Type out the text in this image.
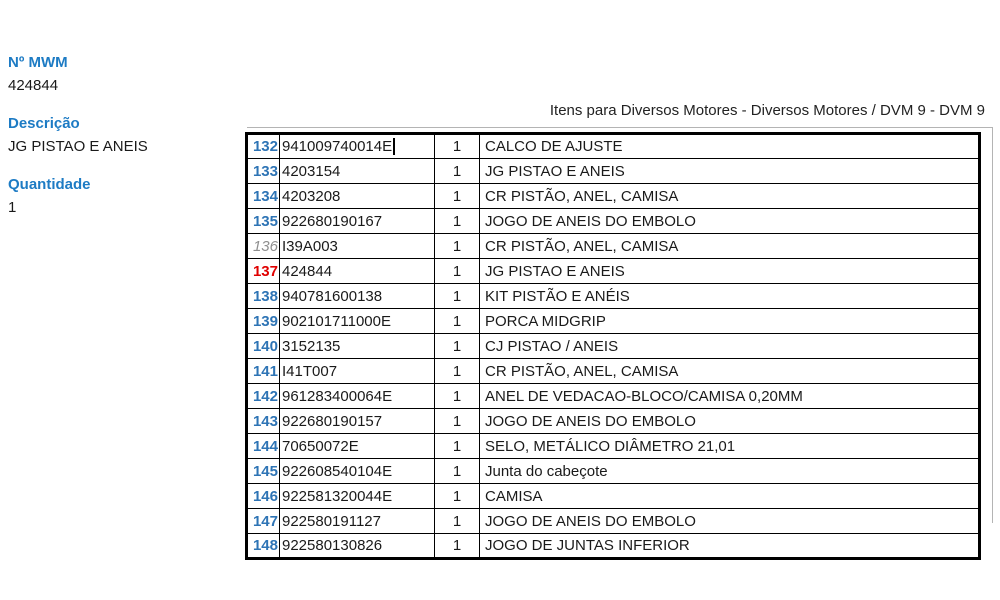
Nº MWM
424844
Descrição
JG PISTAO E ANEIS
Quantidade
1
Itens para Diversos Motores - Diversos Motores / DVM 9 - DVM 9
132	941009740014E	1	CALCO DE AJUSTE
133	4203154	1	JG PISTAO E ANEIS
134	4203208	1	CR PISTÃO, ANEL, CAMISA
135	922680190167	1	JOGO DE ANEIS DO EMBOLO
136	I39A003	1	CR PISTÃO, ANEL, CAMISA
137	424844	1	JG PISTAO E ANEIS
138	940781600138	1	KIT PISTÃO E ANÉIS
139	902101711000E	1	PORCA MIDGRIP
140	3152135	1	CJ PISTAO / ANEIS
141	I41T007	1	CR PISTÃO, ANEL, CAMISA
142	961283400064E	1	ANEL DE VEDACAO-BLOCO/CAMISA 0,20MM
143	922680190157	1	JOGO DE ANEIS DO EMBOLO
144	70650072E	1	SELO, METÁLICO DIÂMETRO 21,01
145	922608540104E	1	Junta do cabeçote
146	922581320044E	1	CAMISA
147	922580191127	1	JOGO DE ANEIS DO EMBOLO
148	922580130826	1	JOGO DE JUNTAS INFERIOR
